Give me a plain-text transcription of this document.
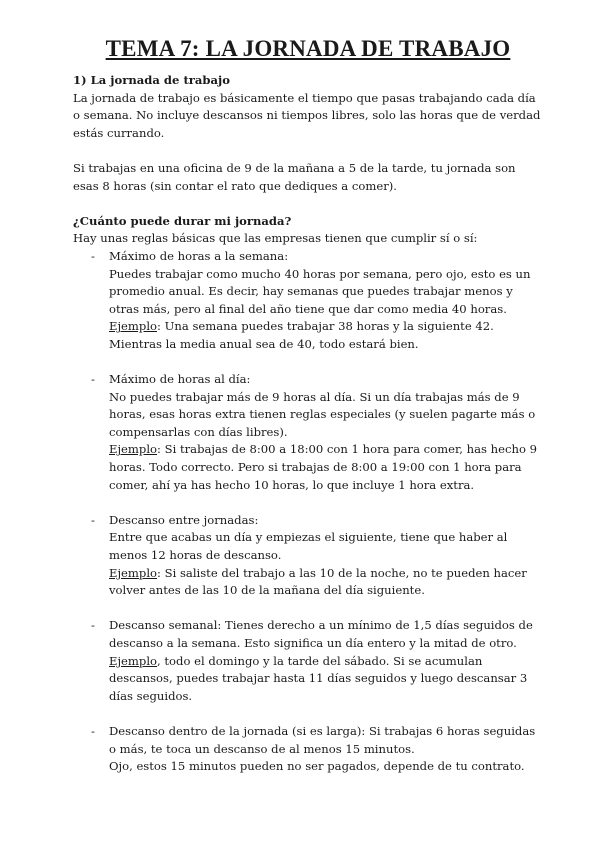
TEMA 7: LA JORNADA DE TRABAJO

1) La jornada de trabajo

La jornada de trabajo es básicamente el tiempo que pasas trabajando cada día o semana. No incluye descansos ni tiempos libres, solo las horas que de verdad estás currando.

Si trabajas en una oficina de 9 de la mañana a 5 de la tarde, tu jornada son esas 8 horas (sin contar el rato que dediques a comer).

¿Cuánto puede durar mi jornada?

Hay unas reglas básicas que las empresas tienen que cumplir sí o sí:

- Máximo de horas a la semana:
Puedes trabajar como mucho 40 horas por semana, pero ojo, esto es un promedio anual. Es decir, hay semanas que puedes trabajar menos y otras más, pero al final del año tiene que dar como media 40 horas.
Ejemplo: Una semana puedes trabajar 38 horas y la siguiente 42. Mientras la media anual sea de 40, todo estará bien.
- Máximo de horas al día:
No puedes trabajar más de 9 horas al día. Si un día trabajas más de 9 horas, esas horas extra tienen reglas especiales (y suelen pagarte más o compensarlas con días libres).
Ejemplo: Si trabajas de 8:00 a 18:00 con 1 hora para comer, has hecho 9 horas. Todo correcto. Pero si trabajas de 8:00 a 19:00 con 1 hora para comer, ahí ya has hecho 10 horas, lo que incluye 1 hora extra.
- Descanso entre jornadas:
Entre que acabas un día y empiezas el siguiente, tiene que haber al menos 12 horas de descanso.
Ejemplo: Si saliste del trabajo a las 10 de la noche, no te pueden hacer volver antes de las 10 de la mañana del día siguiente.
- Descanso semanal: Tienes derecho a un mínimo de 1,5 días seguidos de descanso a la semana. Esto significa un día entero y la mitad de otro.
Ejemplo, todo el domingo y la tarde del sábado. Si se acumulan descansos, puedes trabajar hasta 11 días seguidos y luego descansar 3 días seguidos.
- Descanso dentro de la jornada (si es larga): Si trabajas 6 horas seguidas o más, te toca un descanso de al menos 15 minutos.
Ojo, estos 15 minutos pueden no ser pagados, depende de tu contrato.
